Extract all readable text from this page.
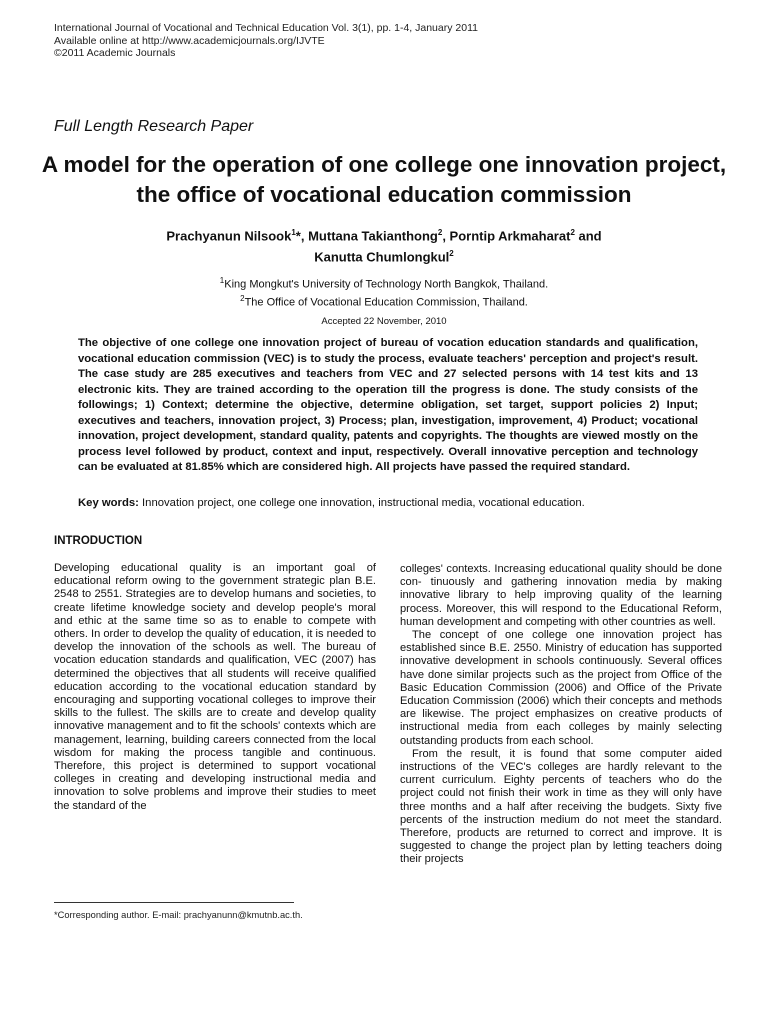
International Journal of Vocational and Technical Education Vol. 3(1), pp. 1-4, January 2011
Available online at http://www.academicjournals.org/IJVTE
©2011 Academic Journals
Full Length Research Paper
A model for the operation of one college one innovation project, the office of vocational education commission
Prachyanun Nilsook$^1$*, Muttana Takianthong$^2$, Porntip Arkmaharat$^2$ and
Kanutta Chumlongkul$^2$
$^1$King Mongkut's University of Technology North Bangkok, Thailand.
$^2$The Office of Vocational Education Commission, Thailand.
Accepted 22 November, 2010

The objective of one college one innovation project of bureau of vocation education standards and qualification, vocational education commission (VEC) is to study the process, evaluate teachers' perception and project's result. The case study are 285 executives and teachers from VEC and 27 selected persons with 14 test kits and 13 electronic kits. They are trained according to the operation till the progress is done. The study consists of the followings; 1) Context; determine the objective, determine obligation, set target, support policies 2) Input; executives and teachers, innovation project, 3) Process; plan, investigation, improvement, 4) Product; vocational innovation, project development, standard quality, patents and copyrights. The thoughts are viewed mostly on the process level followed by product, context and input, respectively. Overall innovative perception and technology can be evaluated at 81.85% which are considered high. All projects have passed the required standard.

Key words: Innovation project, one college one innovation, instructional media, vocational education.

INTRODUCTION

Developing educational quality is an important goal of educational reform owing to the government strategic plan B.E. 2548 to 2551. Strategies are to develop humans and societies, to create lifetime knowledge society and develop people's moral and ethic at the same time so as to enable to compete with others. In order to develop the quality of education, it is needed to develop the innovation of the schools as well. The bureau of vocation education standards and qualification, VEC (2007) has determined the objectives that all students will receive qualified education according to the vocational education standard by encouraging and supporting vocational colleges to improve their skills to the fullest. The skills are to create and develop quality innovative management and to fit the schools' contexts which are management, learning, building careers connected from the local wisdom for making the process tangible and continuous. Therefore, this project is determined to support vocational colleges in creating and developing instructional media and innovation to solve problems and improve their studies to meet the standard of the

colleges' contexts. Increasing educational quality should be done con- tinuously and gathering innovation media by making innovative library to help improving quality of the learning process. Moreover, this will respond to the Educational Reform, human development and competing with other countries as well.

The concept of one college one innovation project has established since B.E. 2550. Ministry of education has supported innovative development in schools continuously. Several offices have done similar projects such as the project from Office of the Basic Education Commission (2006) and Office of the Private Education Commission (2006) which their concepts and methods are likewise. The project emphasizes on creative products of instructional media from each colleges by mainly selecting outstanding products from each school.

From the result, it is found that some computer aided instructions of the VEC's colleges are hardly relevant to the current curriculum. Eighty percents of teachers who do the project could not finish their work in time as they will only have three months and a half after receiving the budgets. Sixty five percents of the instruction medium do not meet the standard. Therefore, products are returned to correct and improve. It is suggested to change the project plan by letting teachers doing their projects

*Corresponding author. E-mail: prachyanunn@kmutnb.ac.th.
